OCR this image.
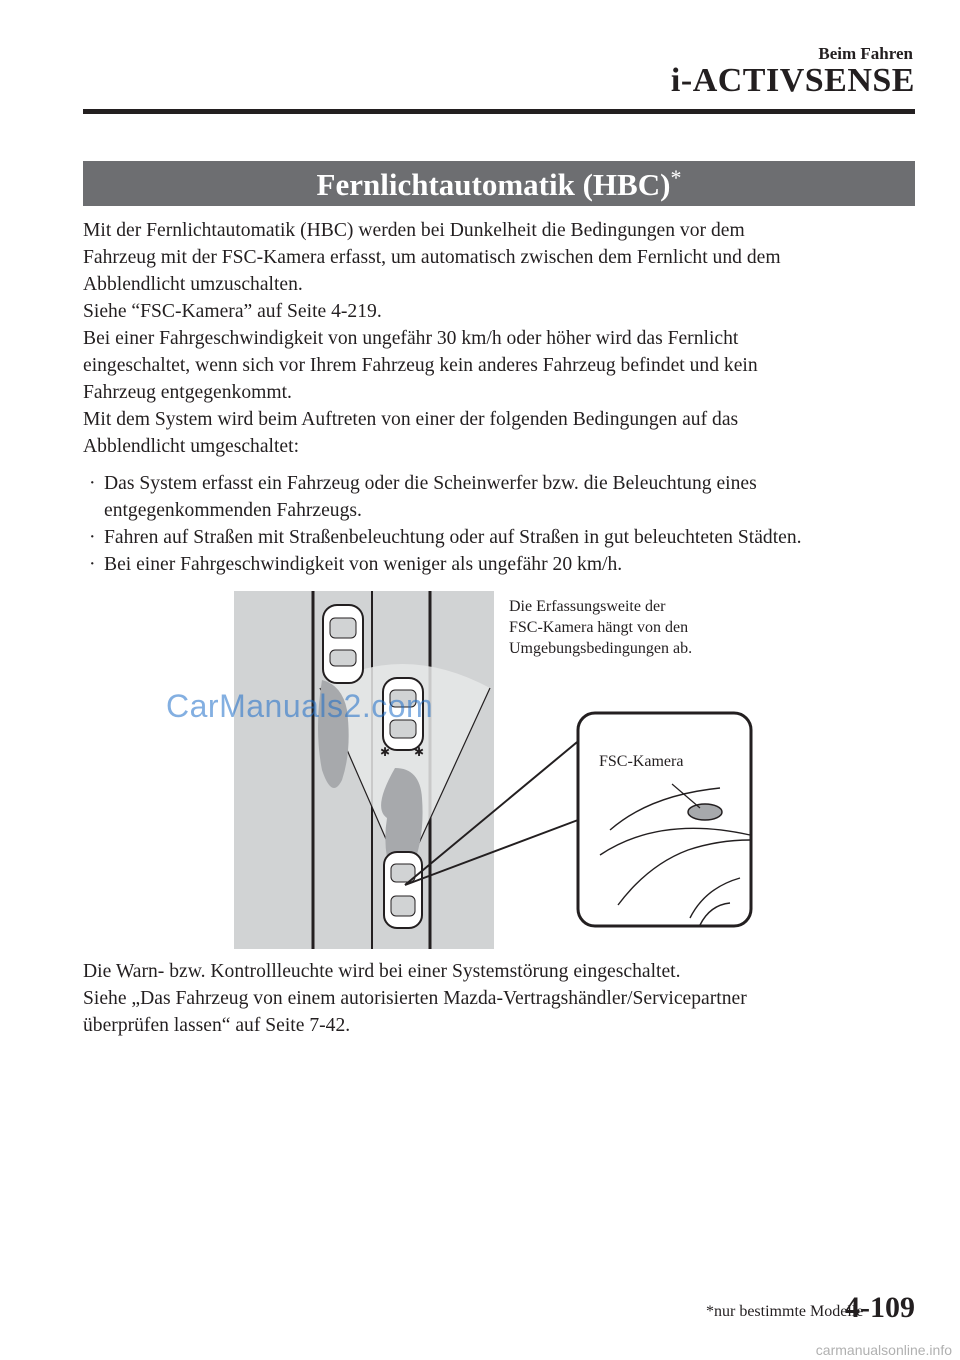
Beim Fahren
i-ACTIVSENSE
Fernlichtautomatik (HBC)*

Mit der Fernlichtautomatik (HBC) werden bei Dunkelheit die Bedingungen vor dem

Fahrzeug mit der FSC-Kamera erfasst, um automatisch zwischen dem Fernlicht und dem

Abblendlicht umzuschalten.

Siehe “FSC-Kamera” auf Seite 4-219.

Bei einer Fahrgeschwindigkeit von ungefähr 30 km/h oder höher wird das Fernlicht

eingeschaltet, wenn sich vor Ihrem Fahrzeug kein anderes Fahrzeug befindet und kein

Fahrzeug entgegenkommt.

Mit dem System wird beim Auftreten von einer der folgenden Bedingungen auf das

Abblendlicht umgeschaltet:

· Das System erfasst ein Fahrzeug oder die Scheinwerfer bzw. die Beleuchtung eines
entgegenkommenden Fahrzeugs.
· Fahren auf Straßen mit Straßenbeleuchtung oder auf Straßen in gut beleuchteten Städten.
· Bei einer Fahrgeschwindigkeit von weniger als ungefähr 20 km/h.
✱ ✱
Die Erfassungsweite der
FSC-Kamera hängt von den
Umgebungsbedingungen ab.
FSC-Kamera
CarManuals2.com

Die Warn- bzw. Kontrollleuchte wird bei einer Systemstörung eingeschaltet.

Siehe „Das Fahrzeug von einem autorisierten Mazda-Vertragshändler/Servicepartner

überprüfen lassen“ auf Seite 7-42.

*nur bestimmte Modelle
4-109
carmanualsonline.info
